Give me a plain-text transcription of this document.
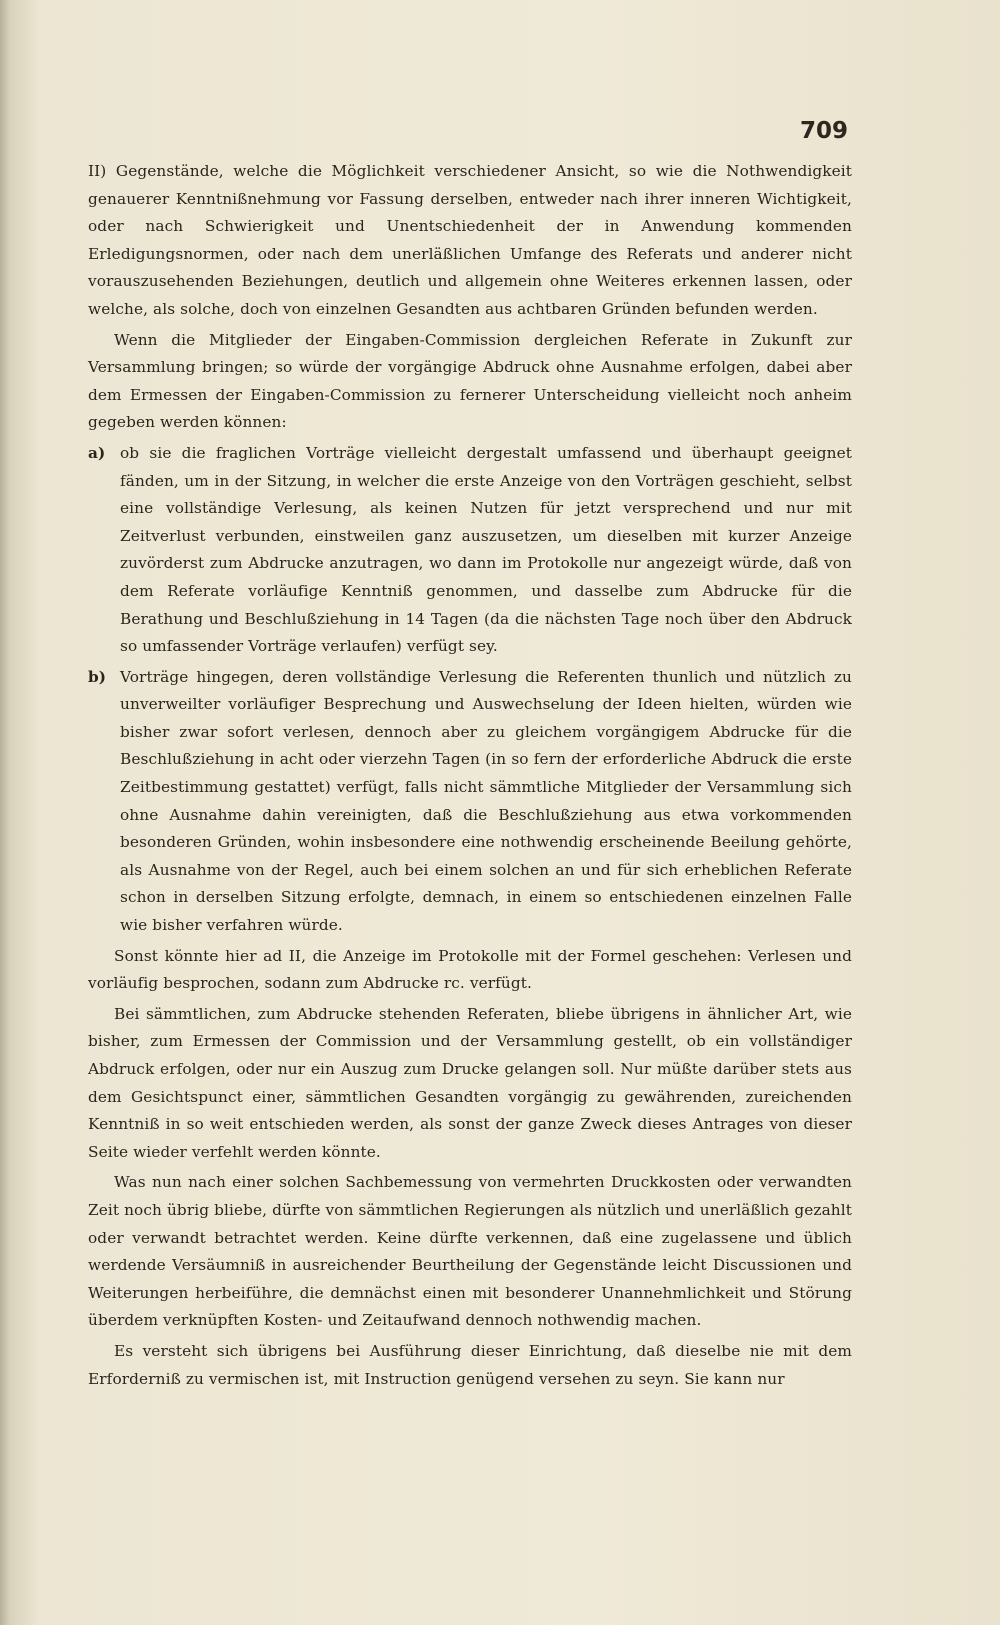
709

II) Gegenstände, welche die Möglichkeit verschiedener Ansicht, so wie die Nothwendigkeit genauerer Kenntnißnehmung vor Fassung derselben, entweder nach ihrer inneren Wichtigkeit, oder nach Schwierigkeit und Unentschiedenheit der in Anwendung kommenden Erledigungsnormen, oder nach dem unerläßlichen Umfange des Referats und anderer nicht vorauszusehenden Beziehungen, deutlich und allgemein ohne Weiteres erkennen lassen, oder welche, als solche, doch von einzelnen Gesandten aus achtbaren Gründen befunden werden.

Wenn die Mitglieder der Eingaben-Commission dergleichen Referate in Zukunft zur Versammlung bringen; so würde der vorgängige Abdruck ohne Ausnahme erfolgen, dabei aber dem Ermessen der Eingaben-Commission zu fernerer Unterscheidung vielleicht noch anheim gegeben werden können:

a) ob sie die fraglichen Vorträge vielleicht dergestalt umfassend und überhaupt geeignet fänden, um in der Sitzung, in welcher die erste Anzeige von den Vorträgen geschieht, selbst eine vollständige Verlesung, als keinen Nutzen für jetzt versprechend und nur mit Zeitverlust verbunden, einstweilen ganz auszusetzen, um dieselben mit kurzer Anzeige zuvörderst zum Abdrucke anzutragen, wo dann im Protokolle nur angezeigt würde, daß von dem Referate vorläufige Kenntniß genommen, und dasselbe zum Abdrucke für die Berathung und Beschlußziehung in 14 Tagen (da die nächsten Tage noch über den Abdruck so umfassender Vorträge verlaufen) verfügt sey.
b) Vorträge hingegen, deren vollständige Verlesung die Referenten thunlich und nützlich zu unverweilter vorläufiger Besprechung und Auswechselung der Ideen hielten, würden wie bisher zwar sofort verlesen, dennoch aber zu gleichem vorgängigem Abdrucke für die Beschlußziehung in acht oder vierzehn Tagen (in so fern der erforderliche Abdruck die erste Zeitbestimmung gestattet) verfügt, falls nicht sämmtliche Mitglieder der Versammlung sich ohne Ausnahme dahin vereinigten, daß die Beschlußziehung aus etwa vorkommenden besonderen Gründen, wohin insbesondere eine nothwendig erscheinende Beeilung gehörte, als Ausnahme von der Regel, auch bei einem solchen an und für sich erheblichen Referate schon in derselben Sitzung erfolgte, demnach, in einem so entschiedenen einzelnen Falle wie bisher verfahren würde.

Sonst könnte hier ad II, die Anzeige im Protokolle mit der Formel geschehen: Verlesen und vorläufig besprochen, sodann zum Abdrucke rc. verfügt.

Bei sämmtlichen, zum Abdrucke stehenden Referaten, bliebe übrigens in ähnlicher Art, wie bisher, zum Ermessen der Commission und der Versammlung gestellt, ob ein vollständiger Abdruck erfolgen, oder nur ein Auszug zum Drucke gelangen soll. Nur müßte darüber stets aus dem Gesichtspunct einer, sämmtlichen Gesandten vorgängig zu gewährenden, zureichenden Kenntniß in so weit entschieden werden, als sonst der ganze Zweck dieses Antrages von dieser Seite wieder verfehlt werden könnte.

Was nun nach einer solchen Sachbemessung von vermehrten Druckkosten oder verwandten Zeit noch übrig bliebe, dürfte von sämmtlichen Regierungen als nützlich und unerläßlich gezahlt oder verwandt betrachtet werden. Keine dürfte verkennen, daß eine zugelassene und üblich werdende Versäumniß in ausreichender Beurtheilung der Gegenstände leicht Discussionen und Weiterungen herbeiführe, die demnächst einen mit besonderer Unannehmlichkeit und Störung überdem verknüpften Kosten- und Zeitaufwand dennoch nothwendig machen.

Es versteht sich übrigens bei Ausführung dieser Einrichtung, daß dieselbe nie mit dem Erforderniß zu vermischen ist, mit Instruction genügend versehen zu seyn. Sie kann nur
